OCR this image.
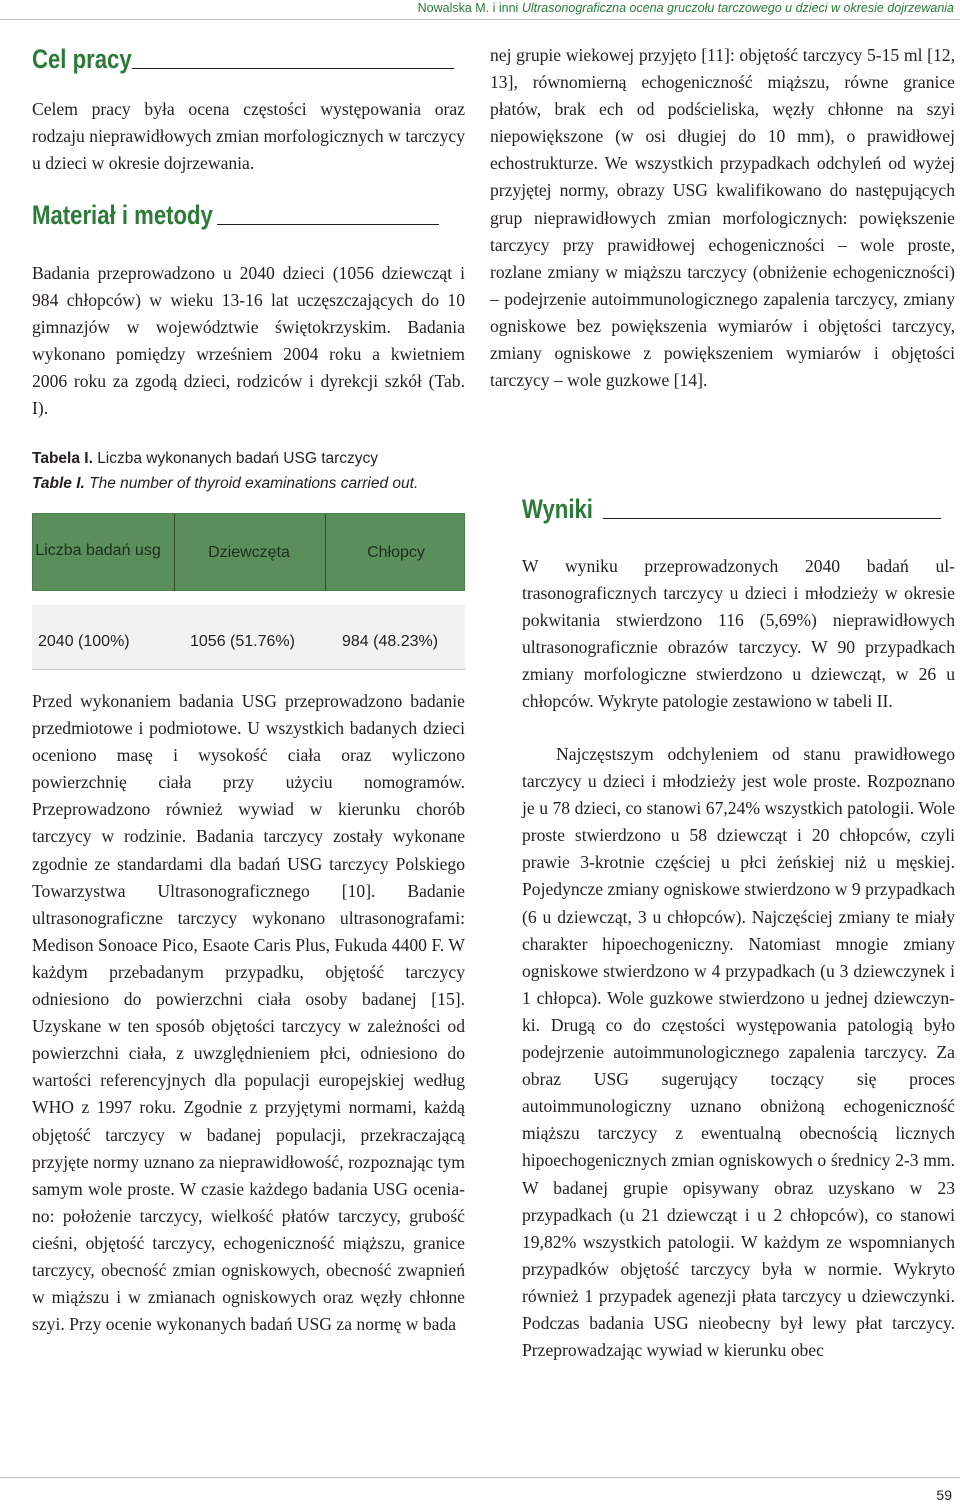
Nowalska M. i inni Ultrasonograficzna ocena gruczołu tarczowego u dzieci w okresie dojrzewania
Cel pracy

Celem pracy była ocena częstości występowania oraz rodzaju nieprawidłowych zmian morfologicznych w tarczycy u dzieci w okresie dojrzewania.

Materiał i metody

Badania przeprowadzono u 2040 dzieci (1056 dziewcząt i 984 chłopców) w wieku 13-16 lat uczęszczających do 10 gimnazjów w województwie świętokrzyskim. Badania wykonano pomiędzy wrześniem 2004 roku a kwietniem 2006 roku za zgodą dzieci, rodziców i dyrekcji szkół (Tab. I).

Tabela I. Liczba wykonanych badań USG tarczycy
Table I. The number of thyroid examinations carried out.
Liczba badań usg	Dziewczęta	Chłopcy
2040 (100%)	1056 (51.76%)	984 (48.23%)

Przed wykonaniem badania USG przeprowadzono badanie przedmiotowe i podmiotowe. U wszystkich badanych dzieci oceniono masę i wysokość ciała oraz wyliczono powierzchnię ciała przy użyciu nomogramów. Przeprowadzono również wywiad w kierunku chorób tarczycy w rodzinie. Badania tarczycy zostały wykonane zgodnie ze standardami dla badań USG tarczycy Polskiego Towarzystwa Ultrasonograficznego [10]. Badanie ultrasonograficzne tarczycy wykonano ultrasonografami: Medison Sonoace Pico, Esaote Caris Plus, Fukuda 4400 F. W każdym przebadanym przypadku, objętość tarczycy odniesiono do powierzchni ciała osoby badanej [15]. Uzyskane w ten sposób objętości tarczycy w zależności od powierzchni ciała, z uwzględnieniem płci, odniesiono do wartości referencyjnych dla populacji europejskiej według WHO z 1997 roku. Zgodnie z przyjętymi normami, każdą objętość tarczycy w badanej populacji, przekraczającą przyjęte normy uznano za nieprawidłowość, rozpoznając tym samym wole proste. W czasie każdego badania USG oceniano: położenie tarczycy, wielkość płatów tarczycy, grubość cieśni, objętość tarczycy, echogeniczność miąższu, granice tarczycy, obecność zmian ogniskowych, obecność zwapnień w miąższu i w zmianach ogniskowych oraz węzły chłonne szyi. Przy ocenie wykonanych badań USG za normę w bada

nej grupie wiekowej przyjęto [11]: objętość tarczycy 5-15 ml [12, 13], równomierną echogeniczność miąższu, równe granice płatów, brak ech od podścieliska, węzły chłonne na szyi niepowiększone (w osi długiej do 10 mm), o prawidłowej echostrukturze. We wszystkich przypadkach odchyleń od wyżej przyjętej normy, obrazy USG kwalifikowano do następujących grup nieprawidłowych zmian morfologicznych: powiększenie tarczycy przy prawidłowej echogeniczności – wole proste, rozlane zmiany w miąższu tarczycy (obniżenie echogeniczności) – podejrzenie autoimmunologicznego zapalenia tarczycy, zmiany ogniskowe bez powiększenia wymiarów i objętości tarczycy, zmiany ogniskowe z powiększeniem wymiarów i objętości tarczycy – wole guzkowe [14].

Wyniki

W wyniku przeprowadzonych 2040 badań ultrasonograficznych tarczycy u dzieci i młodzieży w okresie pokwitania stwierdzono 116 (5,69%) nieprawidłowych ultrasonograficznie obrazów tarczycy. W 90 przypadkach zmiany morfologiczne stwierdzono u dziewcząt, w 26 u chłopców. Wykryte patologie zestawiono w tabeli II.

Najczęstszym odchyleniem od stanu prawidłowego tarczycy u dzieci i młodzieży jest wole proste. Rozpoznano je u 78 dzieci, co stanowi 67,24% wszystkich patologii. Wole proste stwierdzono u 58 dziewcząt i 20 chłopców, czyli prawie 3-krotnie częściej u płci żeńskiej niż u męskiej. Pojedyncze zmiany ogniskowe stwierdzono w 9 przypadkach (6 u dziewcząt, 3 u chłopców). Najczęściej zmiany te miały charakter hipoechogeniczny. Natomiast mnogie zmiany ogniskowe stwierdzono w 4 przypadkach (u 3 dziewczynek i 1 chłopca). Wole guzkowe stwierdzono u jednej dziewczynki. Drugą co do częstości występowania patologią było podejrzenie autoimmunologicznego zapalenia tarczycy. Za obraz USG sugerujący toczący się proces autoimmunologiczny uznano obniżoną echogeniczność miąższu tarczycy z ewentualną obecnością licznych hipoechogenicznych zmian ogniskowych o średnicy 2-3 mm. W badanej grupie opisywany obraz uzyskano w 23 przypadkach (u 21 dziewcząt i u 2 chłopców), co stanowi 19,82% wszystkich patologii. W każdym ze wspomnianych przypadków objętość tarczycy była w normie. Wykryto również 1 przypadek agenezji płata tarczycy u dziewczynki. Podczas badania USG nieobecny był lewy płat tarczycy. Przeprowadzając wywiad w kierunku obec

59
